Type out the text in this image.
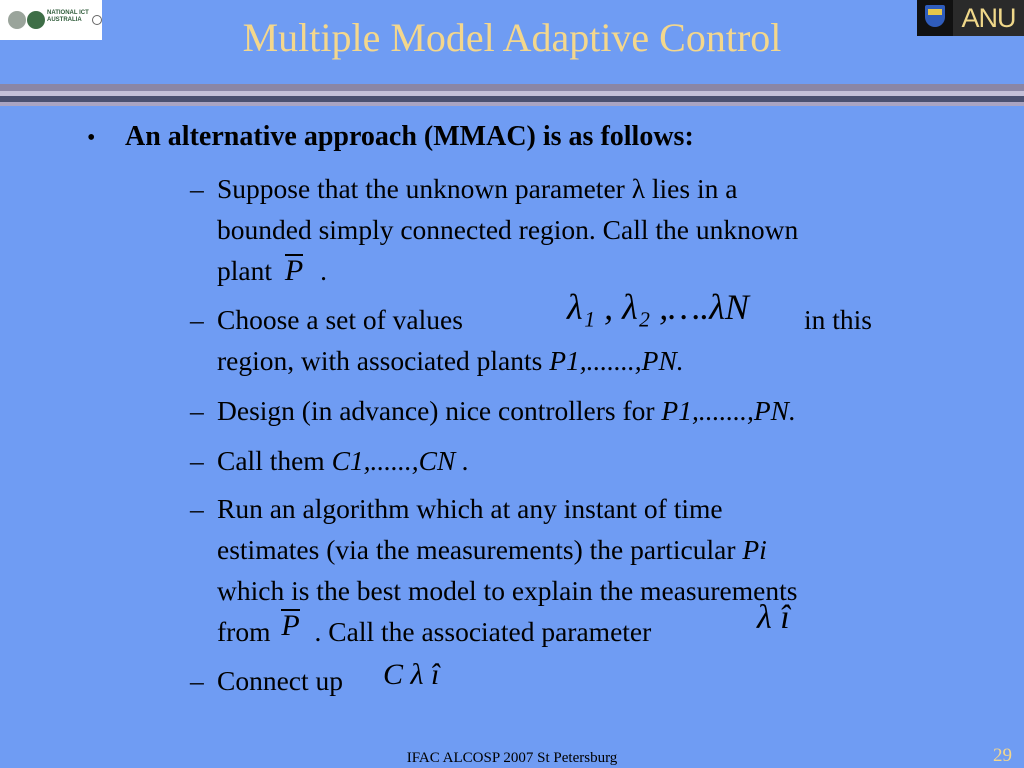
NATIONAL ICT AUSTRALIA	ANU
Multiple Model Adaptive Control
• An alternative approach (MMAC) is as follows:
– Suppose that the unknown parameter λ lies in a
bounded simply connected region. Call the unknown
plant P .
– Choose a set of values	λ₁ , λ₂ ,….λN in this
region, with associated plants P1,.......,PN.
– Design (in advance) nice controllers for P1,.......,PN.
– Call them C1,......,CN .
– Run an algorithm which at any instant of time
estimates (via the measurements) the particular Pi
which is the best model to explain the measurements
from P . Call the associated parameter	λ î
– Connect up C λ î
IFAC ALCOSP 2007 St Petersburg	29
